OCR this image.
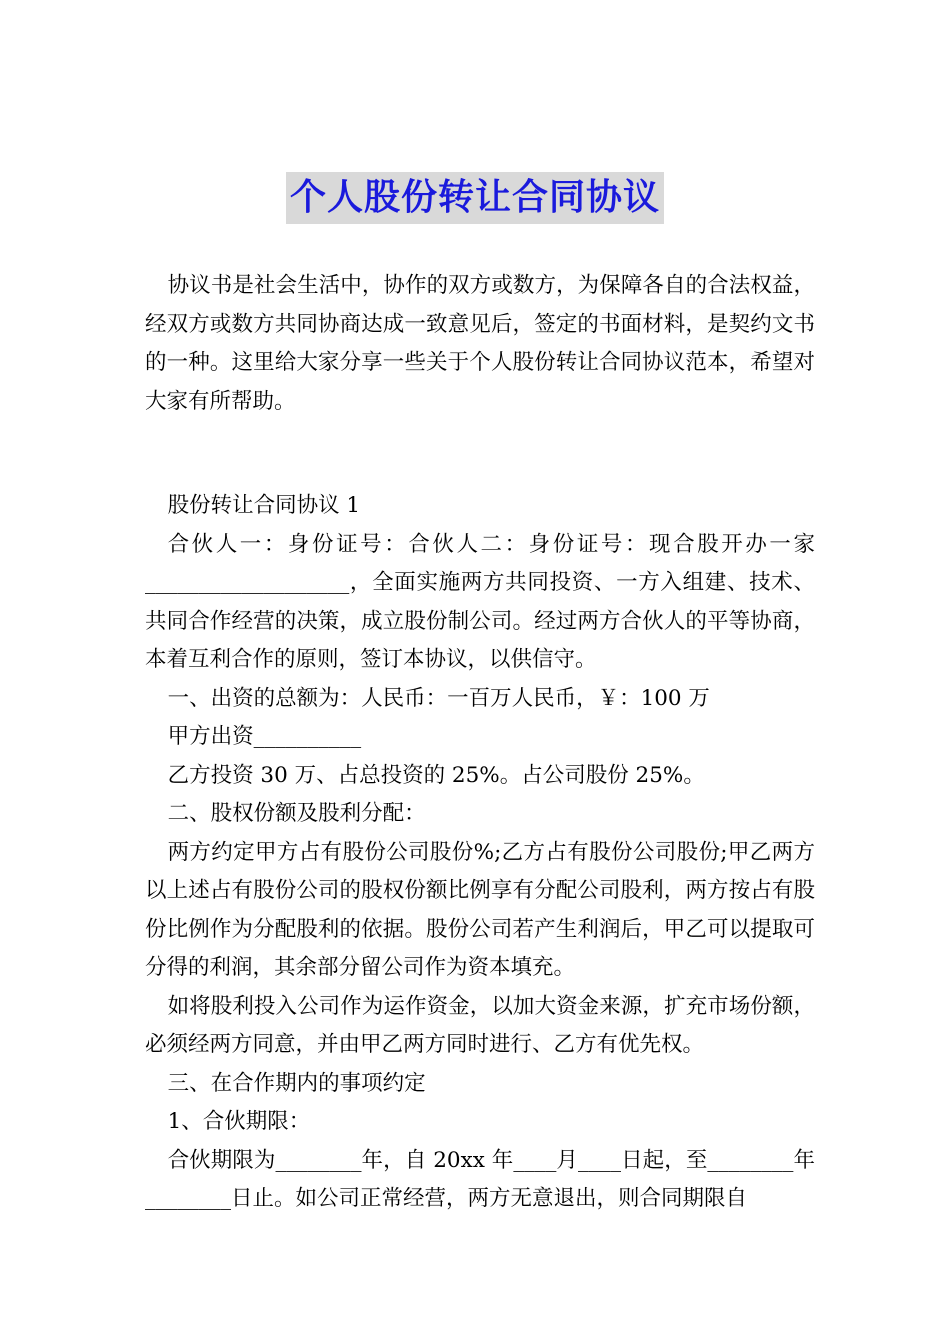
个人股份转让合同协议

协议书是社会生活中，协作的双方或数方，为保障各自的合法权益，经双方或数方共同协商达成一致意见后，签定的书面材料，是契约文书的一种。这里给大家分享一些关于个人股份转让合同协议范本，希望对大家有所帮助。

股份转让合同协议 1

合伙人一：身份证号：合伙人二：身份证号：现合股开办一家___________________，全面实施两方共同投资、一方入组建、技术、共同合作经营的决策，成立股份制公司。经过两方合伙人的平等协商，本着互利合作的原则，签订本协议，以供信守。

一、出资的总额为：人民币：一百万人民币，￥：100 万

甲方出资__________

乙方投资 30 万、占总投资的 25%。占公司股份 25%。

二、股权份额及股利分配：

两方约定甲方占有股份公司股份%;乙方占有股份公司股份;甲乙两方以上述占有股份公司的股权份额比例享有分配公司股利，两方按占有股份比例作为分配股利的依据。股份公司若产生利润后，甲乙可以提取可分得的利润，其余部分留公司作为资本填充。

如将股利投入公司作为运作资金，以加大资金来源，扩充市场份额，必须经两方同意，并由甲乙两方同时进行、乙方有优先权。

三、在合作期内的事项约定

1、合伙期限：

合伙期限为________年，自 20xx 年____月____日起，至________年________日止。如公司正常经营，两方无意退出，则合同期限自
